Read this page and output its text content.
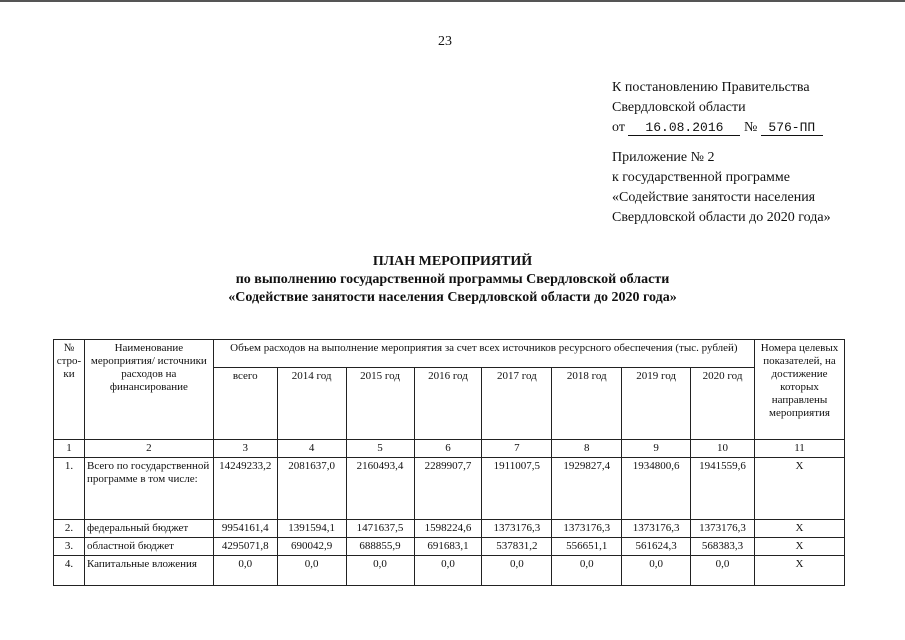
23
К постановлению Правительства
Свердловской области
от 16.08.2016 № 576-ПП
Приложение № 2
к государственной программе
«Содействие занятости населения
Свердловской области до 2020 года»
ПЛАН МЕРОПРИЯТИЙ
по выполнению государственной программы Свердловской области
«Содействие занятости населения Свердловской области до 2020 года»
№ стро-ки	Наименование мероприятия/ источники расходов на финансирование	Объем расходов на выполнение мероприятия за счет всех источников ресурсного обеспечения (тыс. рублей)								Номера целевых показателей, на достижение которых направлены мероприятия
		всего	2014 год	2015 год	2016 год	2017 год	2018 год	2019 год	2020 год	
1	2	3	4	5	6	7	8	9	10	11
1.	Всего по государственной программе в том числе:	14249233,2	2081637,0	2160493,4	2289907,7	1911007,5	1929827,4	1934800,6	1941559,6	X
2.	федеральный бюджет	9954161,4	1391594,1	1471637,5	1598224,6	1373176,3	1373176,3	1373176,3	1373176,3	X
3.	областной бюджет	4295071,8	690042,9	688855,9	691683,1	537831,2	556651,1	561624,3	568383,3	X
4.	Капитальные вложения	0,0	0,0	0,0	0,0	0,0	0,0	0,0	0,0	X
